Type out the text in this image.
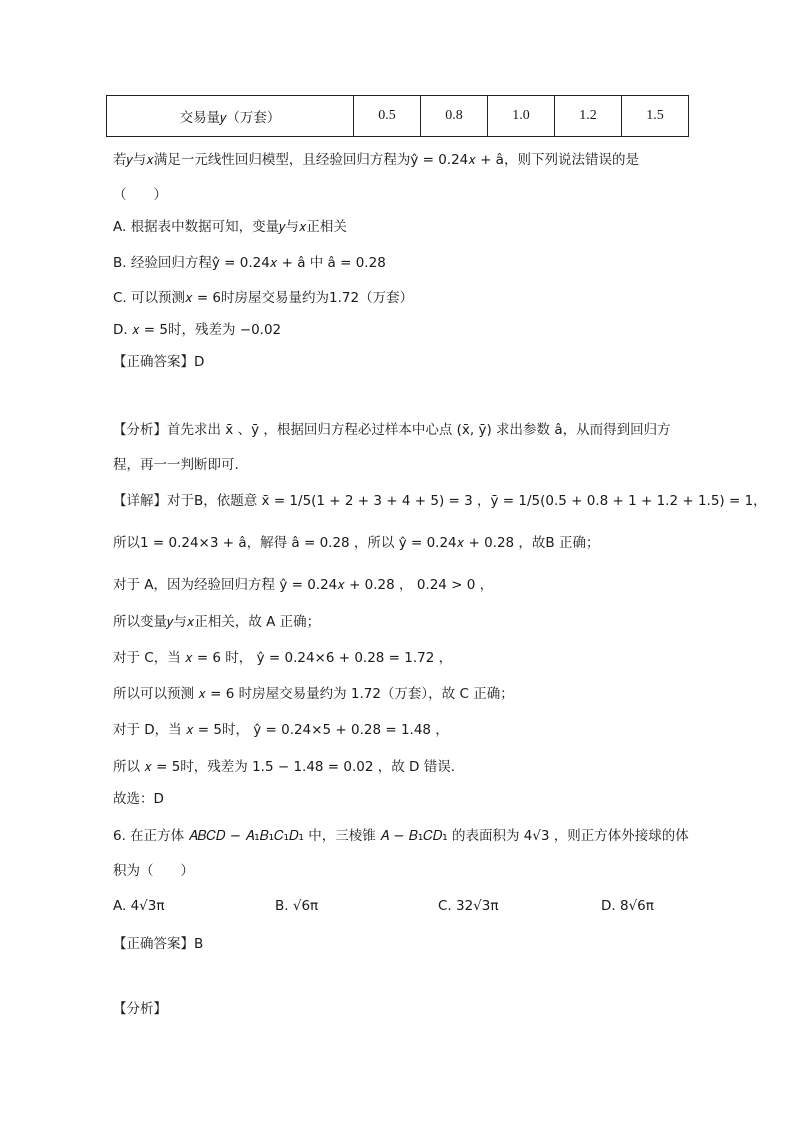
交易量𝑦（万套）	0.5	0.8	1.0	1.2	1.5
若𝑦与𝑥满足一元线性回归模型，且经验回归方程为ŷ = 0.24𝑥 + â，则下列说法错误的是
（　　）
A. 根据表中数据可知，变量𝑦与𝑥正相关
B. 经验回归方程ŷ = 0.24𝑥 + â 中 â = 0.28
C. 可以预测𝑥 = 6时房屋交易量约为1.72（万套）
D. 𝑥 = 5时，残差为 −0.02
【正确答案】D
【分析】首先求出 x̄ 、ȳ ，根据回归方程必过样本中心点 (x̄, ȳ) 求出参数 â，从而得到回归方
程，再一一判断即可.
【详解】对于B，依题意 x̄ = 1/5(1 + 2 + 3 + 4 + 5) = 3 ，ȳ = 1/5(0.5 + 0.8 + 1 + 1.2 + 1.5) = 1，
所以1 = 0.24×3 + â，解得 â = 0.28 ，所以 ŷ = 0.24𝑥 + 0.28 ，故B 正确；
对于 A，因为经验回归方程 ŷ = 0.24𝑥 + 0.28 ， 0.24 > 0 ，
所以变量𝑦与𝑥正相关，故 A 正确；
对于 C，当 𝑥 = 6 时， ŷ = 0.24×6 + 0.28 = 1.72 ，
所以可以预测 𝑥 = 6 时房屋交易量约为 1.72（万套），故 C 正确；
对于 D，当 𝑥 = 5时， ŷ = 0.24×5 + 0.28 = 1.48 ，
所以 𝑥 = 5时，残差为 1.5 − 1.48 = 0.02 ，故 D 错误.
故选：D
6. 在正方体 𝐴𝐵𝐶𝐷 − 𝐴₁𝐵₁𝐶₁𝐷₁ 中，三棱锥 𝐴 − 𝐵₁𝐶𝐷₁ 的表面积为 4√3 ，则正方体外接球的体
积为（　　）
A. 4√3π	B. √6π	C. 32√3π	D. 8√6π
【正确答案】B
【分析】
